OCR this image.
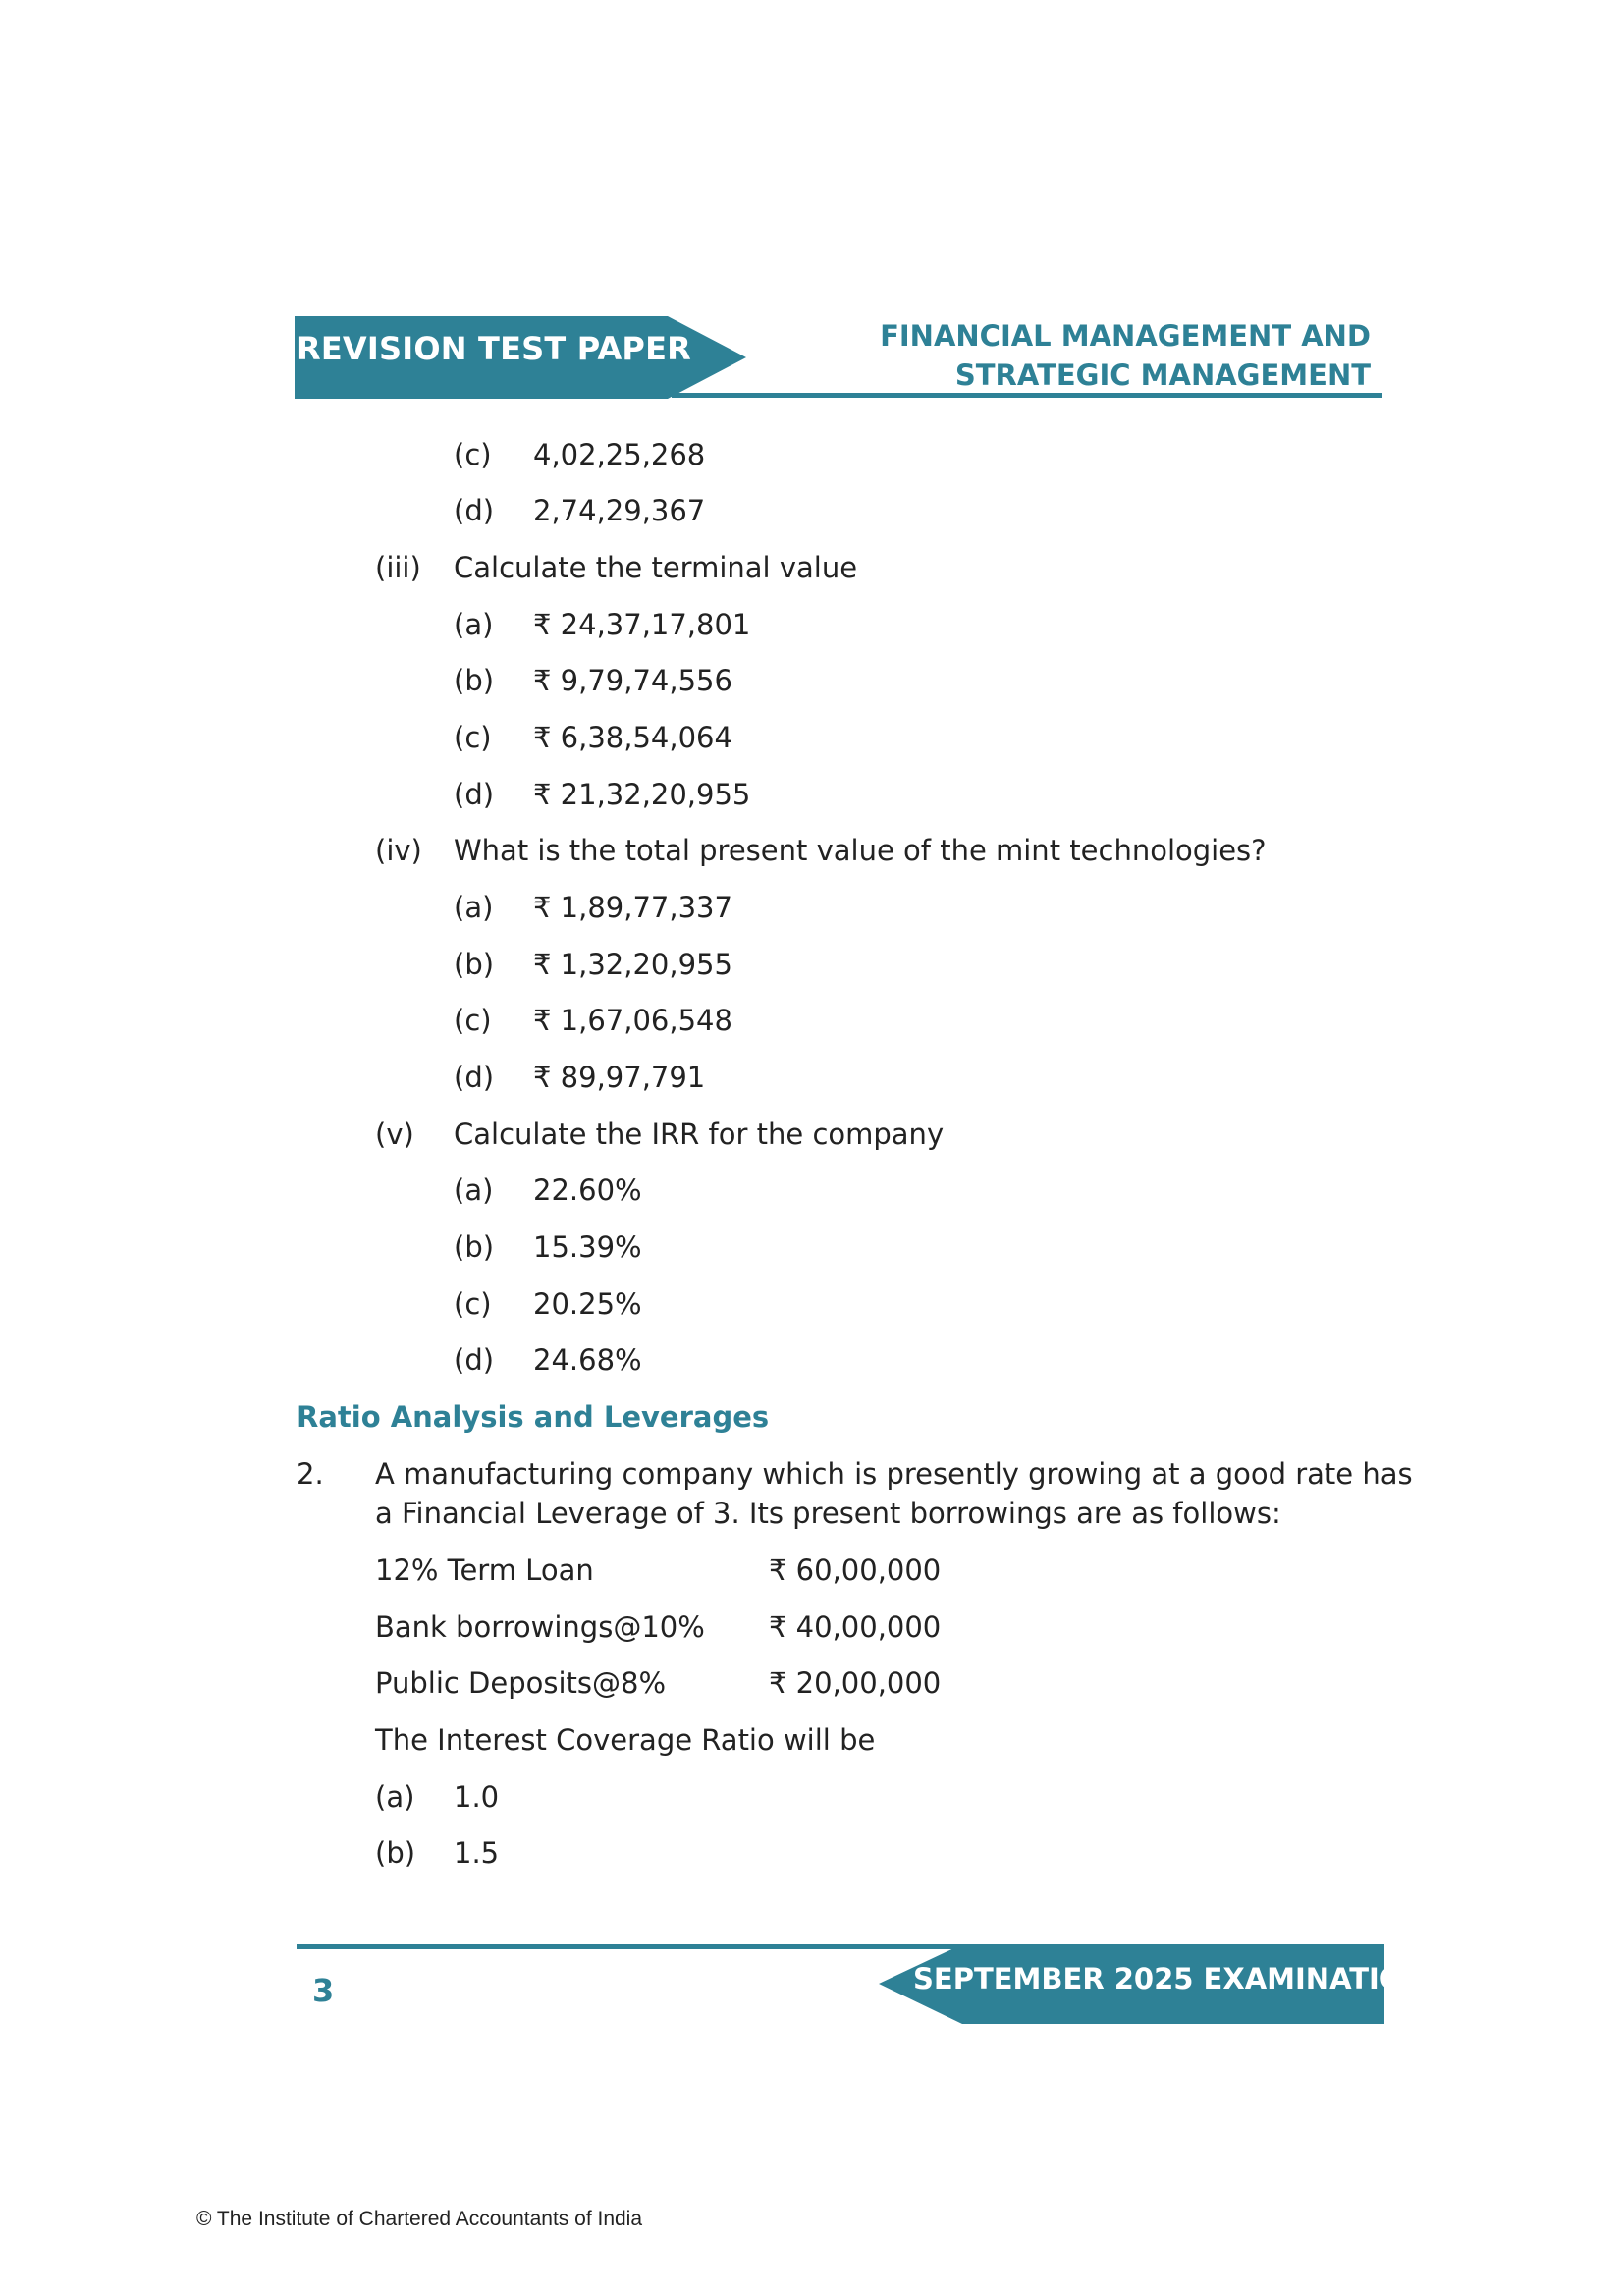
REVISION TEST PAPER	FINANCIAL MANAGEMENT AND
STRATEGIC MANAGEMENT
(c) 4,02,25,268
(d) 2,74,29,367
(iii) Calculate the terminal value
(a) ₹ 24,37,17,801
(b) ₹ 9,79,74,556
(c) ₹ 6,38,54,064
(d) ₹ 21,32,20,955
(iv) What is the total present value of the mint technologies?
(a) ₹ 1,89,77,337
(b) ₹ 1,32,20,955
(c) ₹ 1,67,06,548
(d) ₹ 89,97,791
(v) Calculate the IRR for the company
(a) 22.60%
(b) 15.39%
(c) 20.25%
(d) 24.68%
Ratio Analysis and Leverages
2. A manufacturing company which is presently growing at a good rate has
a Financial Leverage of 3. Its present borrowings are as follows:
12% Term Loan	₹ 60,00,000
Bank borrowings@10% ₹ 40,00,000
Public Deposits@8%	₹ 20,00,000
The Interest Coverage Ratio will be
(a) 1.0
(b) 1.5
SEPTEMBER 2025 EXAMINATION
3
© The Institute of Chartered Accountants of India
